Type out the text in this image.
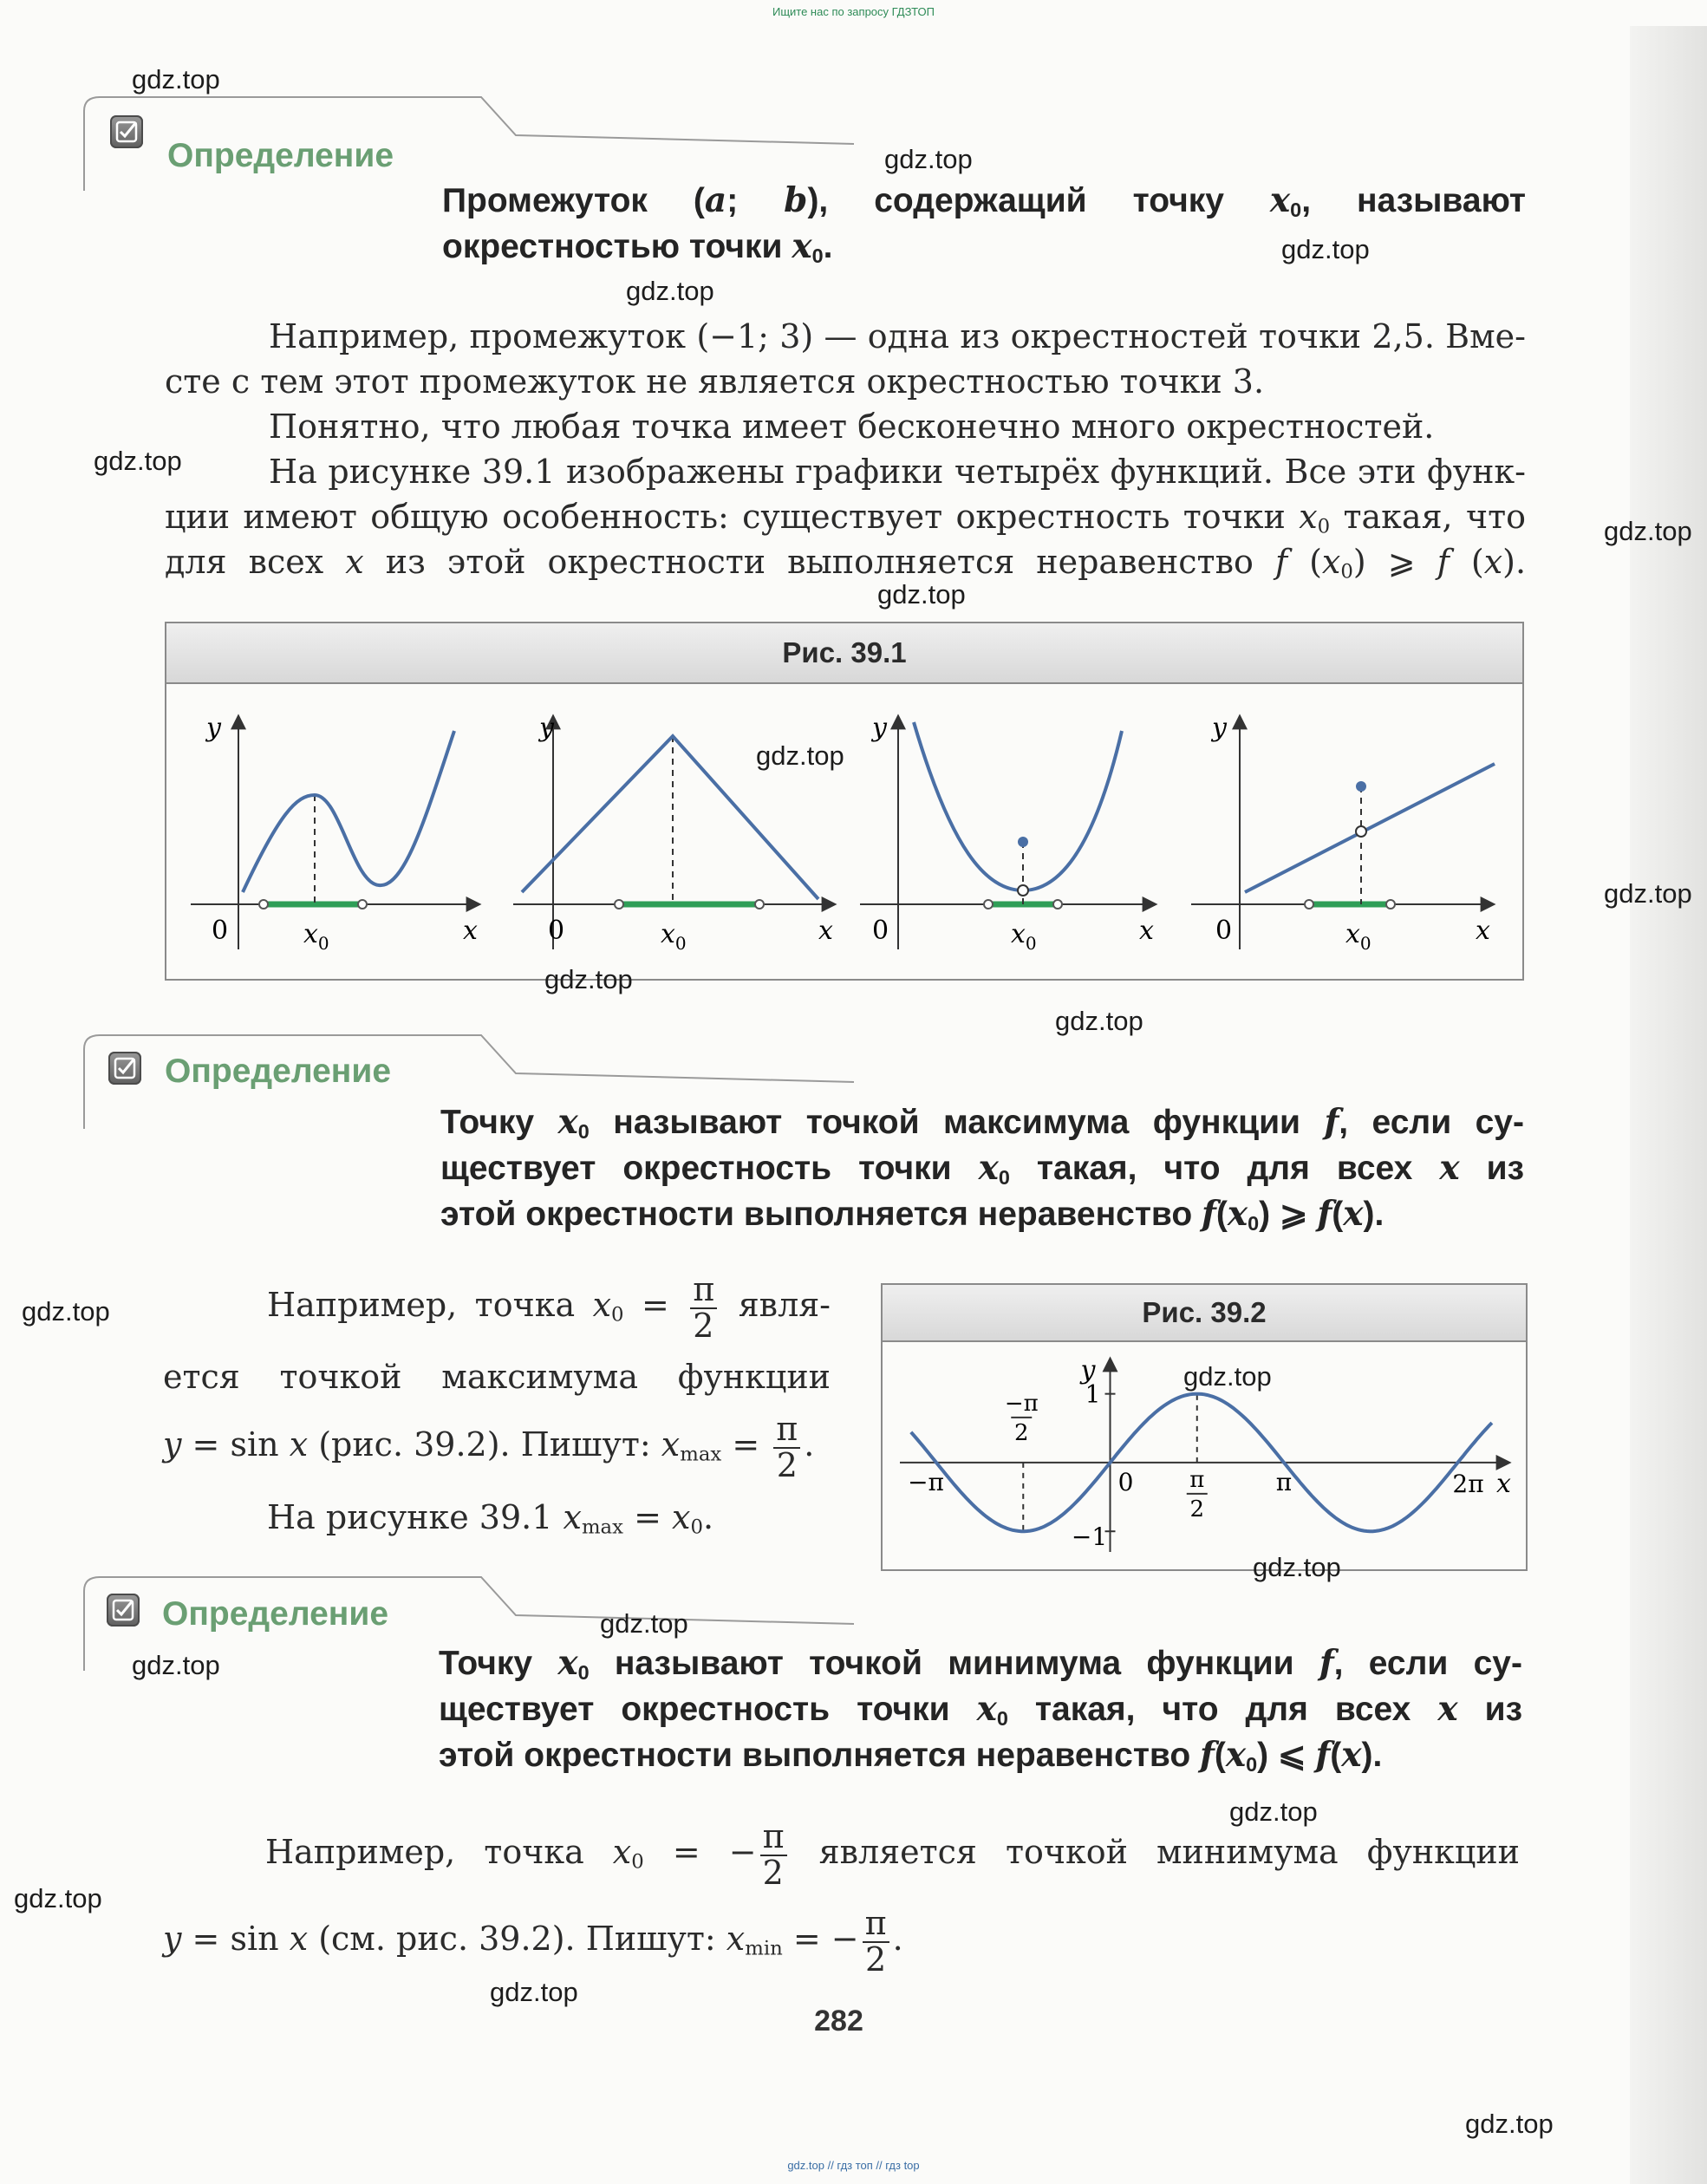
Ищите нас по запросу ГДЗТОП
gdz.top // гдз топ // гдз top
Определение
Промежуток (a; b), содержащий точку $x_0$, называют
окрестностью точки $x_0$.
Например, промежуток (−1; 3) — одна из окрестностей точки 2,5. Вме-
сте с тем этот промежуток не является окрестностью точки 3.
Понятно, что любая точка имеет бесконечно много окрестностей.
На рисунке 39.1 изображены графики четырёх функций. Все эти функ-
ции имеют общую особенность: существует окрестность точки $x_0$ такая, что
для всех x из этой окрестности выполняется неравенство f $(x_0)$ ⩾ f (x).
Рис. 39.1
y
x
0	$x_0$
y
x
0	$x_0$
y
x
0	$x_0$
y
x
0	$x_0$
Определение
Точку $x_0$ называют точкой максимума функции f, если су-
ществует окрестность точки $x_0$ такая, что для всех x из
этой окрестности выполняется неравенство $f(x_0)$ ⩾ f(x).
Например, точка $x_0 = \frac{\pi}{2}$ явля-
ется точкой максимума функции
y = sin x (рис. 39.2). Пишут: $x_{max} = \frac{\pi}{2}$ .
На рисунке 39.1 $x_{max} = x_0$.
Рис. 39.2
x
y
−π
−π
2
0 π
2
π	2π
1
−1
Определение
Точку $x_0$ называют точкой минимума функции f, если су-
ществует окрестность точки $x_0$ такая, что для всех x из
этой окрестности выполняется неравенство $f(x_0)$ ⩽ f(x).
Например, точка $x_0$ = − $\frac{\pi}{2}$ является точкой минимума функции
y = sin x (см. рис. 39.2). Пишут: $x_{min}$ = − $\frac{\pi}{2}$ .
282
gdz.top
gdz.top
gdz.top
gdz.top
gdz.top
gdz.top
gdz.top
gdz.top
gdz.top
gdz.top
gdz.top
gdz.top
gdz.top
gdz.top
gdz.top
gdz.top
gdz.top
gdz.top
gdz.top
gdz.top
